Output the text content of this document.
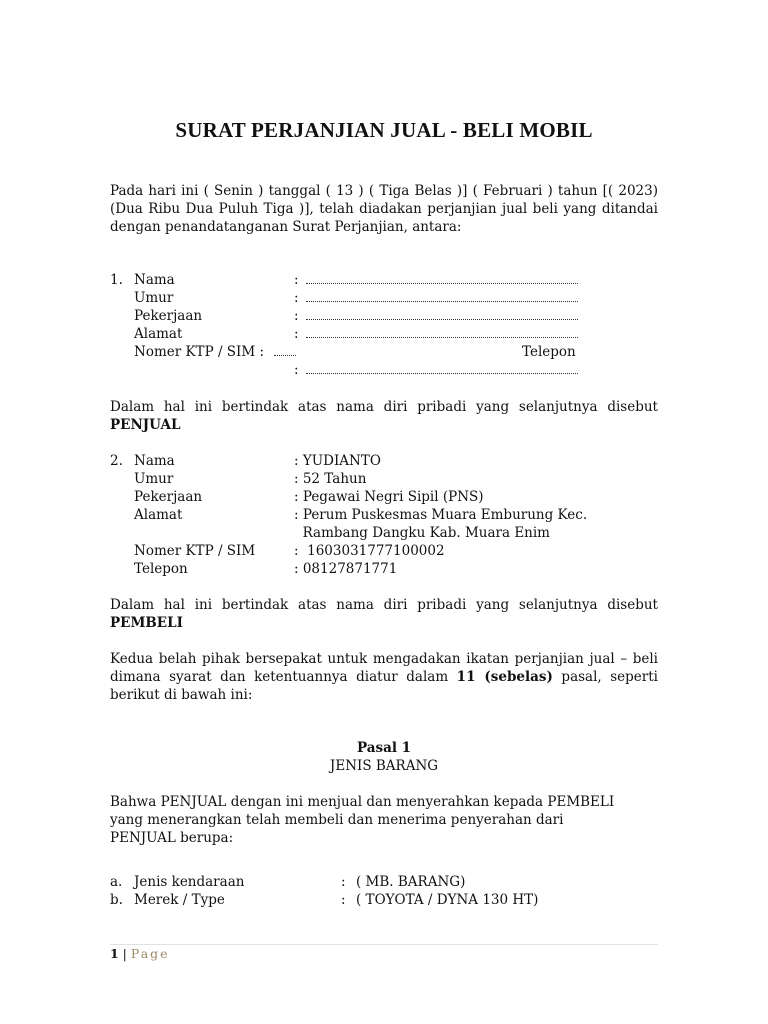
SURAT PERJANJIAN JUAL - BELI MOBIL
Pada hari ini ( Senin ) tanggal ( 13 ) ( Tiga Belas )] ( Februari ) tahun [( 2023)
(Dua Ribu Dua Puluh Tiga )], telah diadakan perjanjian jual beli yang ditandai
dengan penandatanganan Surat Perjanjian, antara:
1. Nama	:
Umur	:
Pekerjaan	:
Alamat	:
Nomer KTP / SIM :	Telepon
:
Dalam hal ini bertindak atas nama diri pribadi yang selanjutnya disebut
PENJUAL
2. Nama	: YUDIANTO
Umur	: 52 Tahun
Pekerjaan	: Pegawai Negri Sipil (PNS)
Alamat	: Perum Puskesmas Muara Emburung Kec.
Rambang Dangku Kab. Muara Enim
Nomer KTP / SIM	:  1603031777100002
Telepon	: 08127871771
Dalam hal ini bertindak atas nama diri pribadi yang selanjutnya disebut
PEMBELI
Kedua belah pihak bersepakat untuk mengadakan ikatan perjanjian jual – beli
dimana syarat dan ketentuannya diatur dalam 11 (sebelas) pasal, seperti
berikut di bawah ini:
Pasal 1
JENIS BARANG
Bahwa PENJUAL dengan ini menjual dan menyerahkan kepada PEMBELI
yang menerangkan telah membeli dan menerima penyerahan dari
PENJUAL berupa:
a. Jenis kendaraan	: ( MB. BARANG)
b. Merek / Type	: ( TOYOTA / DYNA 130 HT)
1 | Page
